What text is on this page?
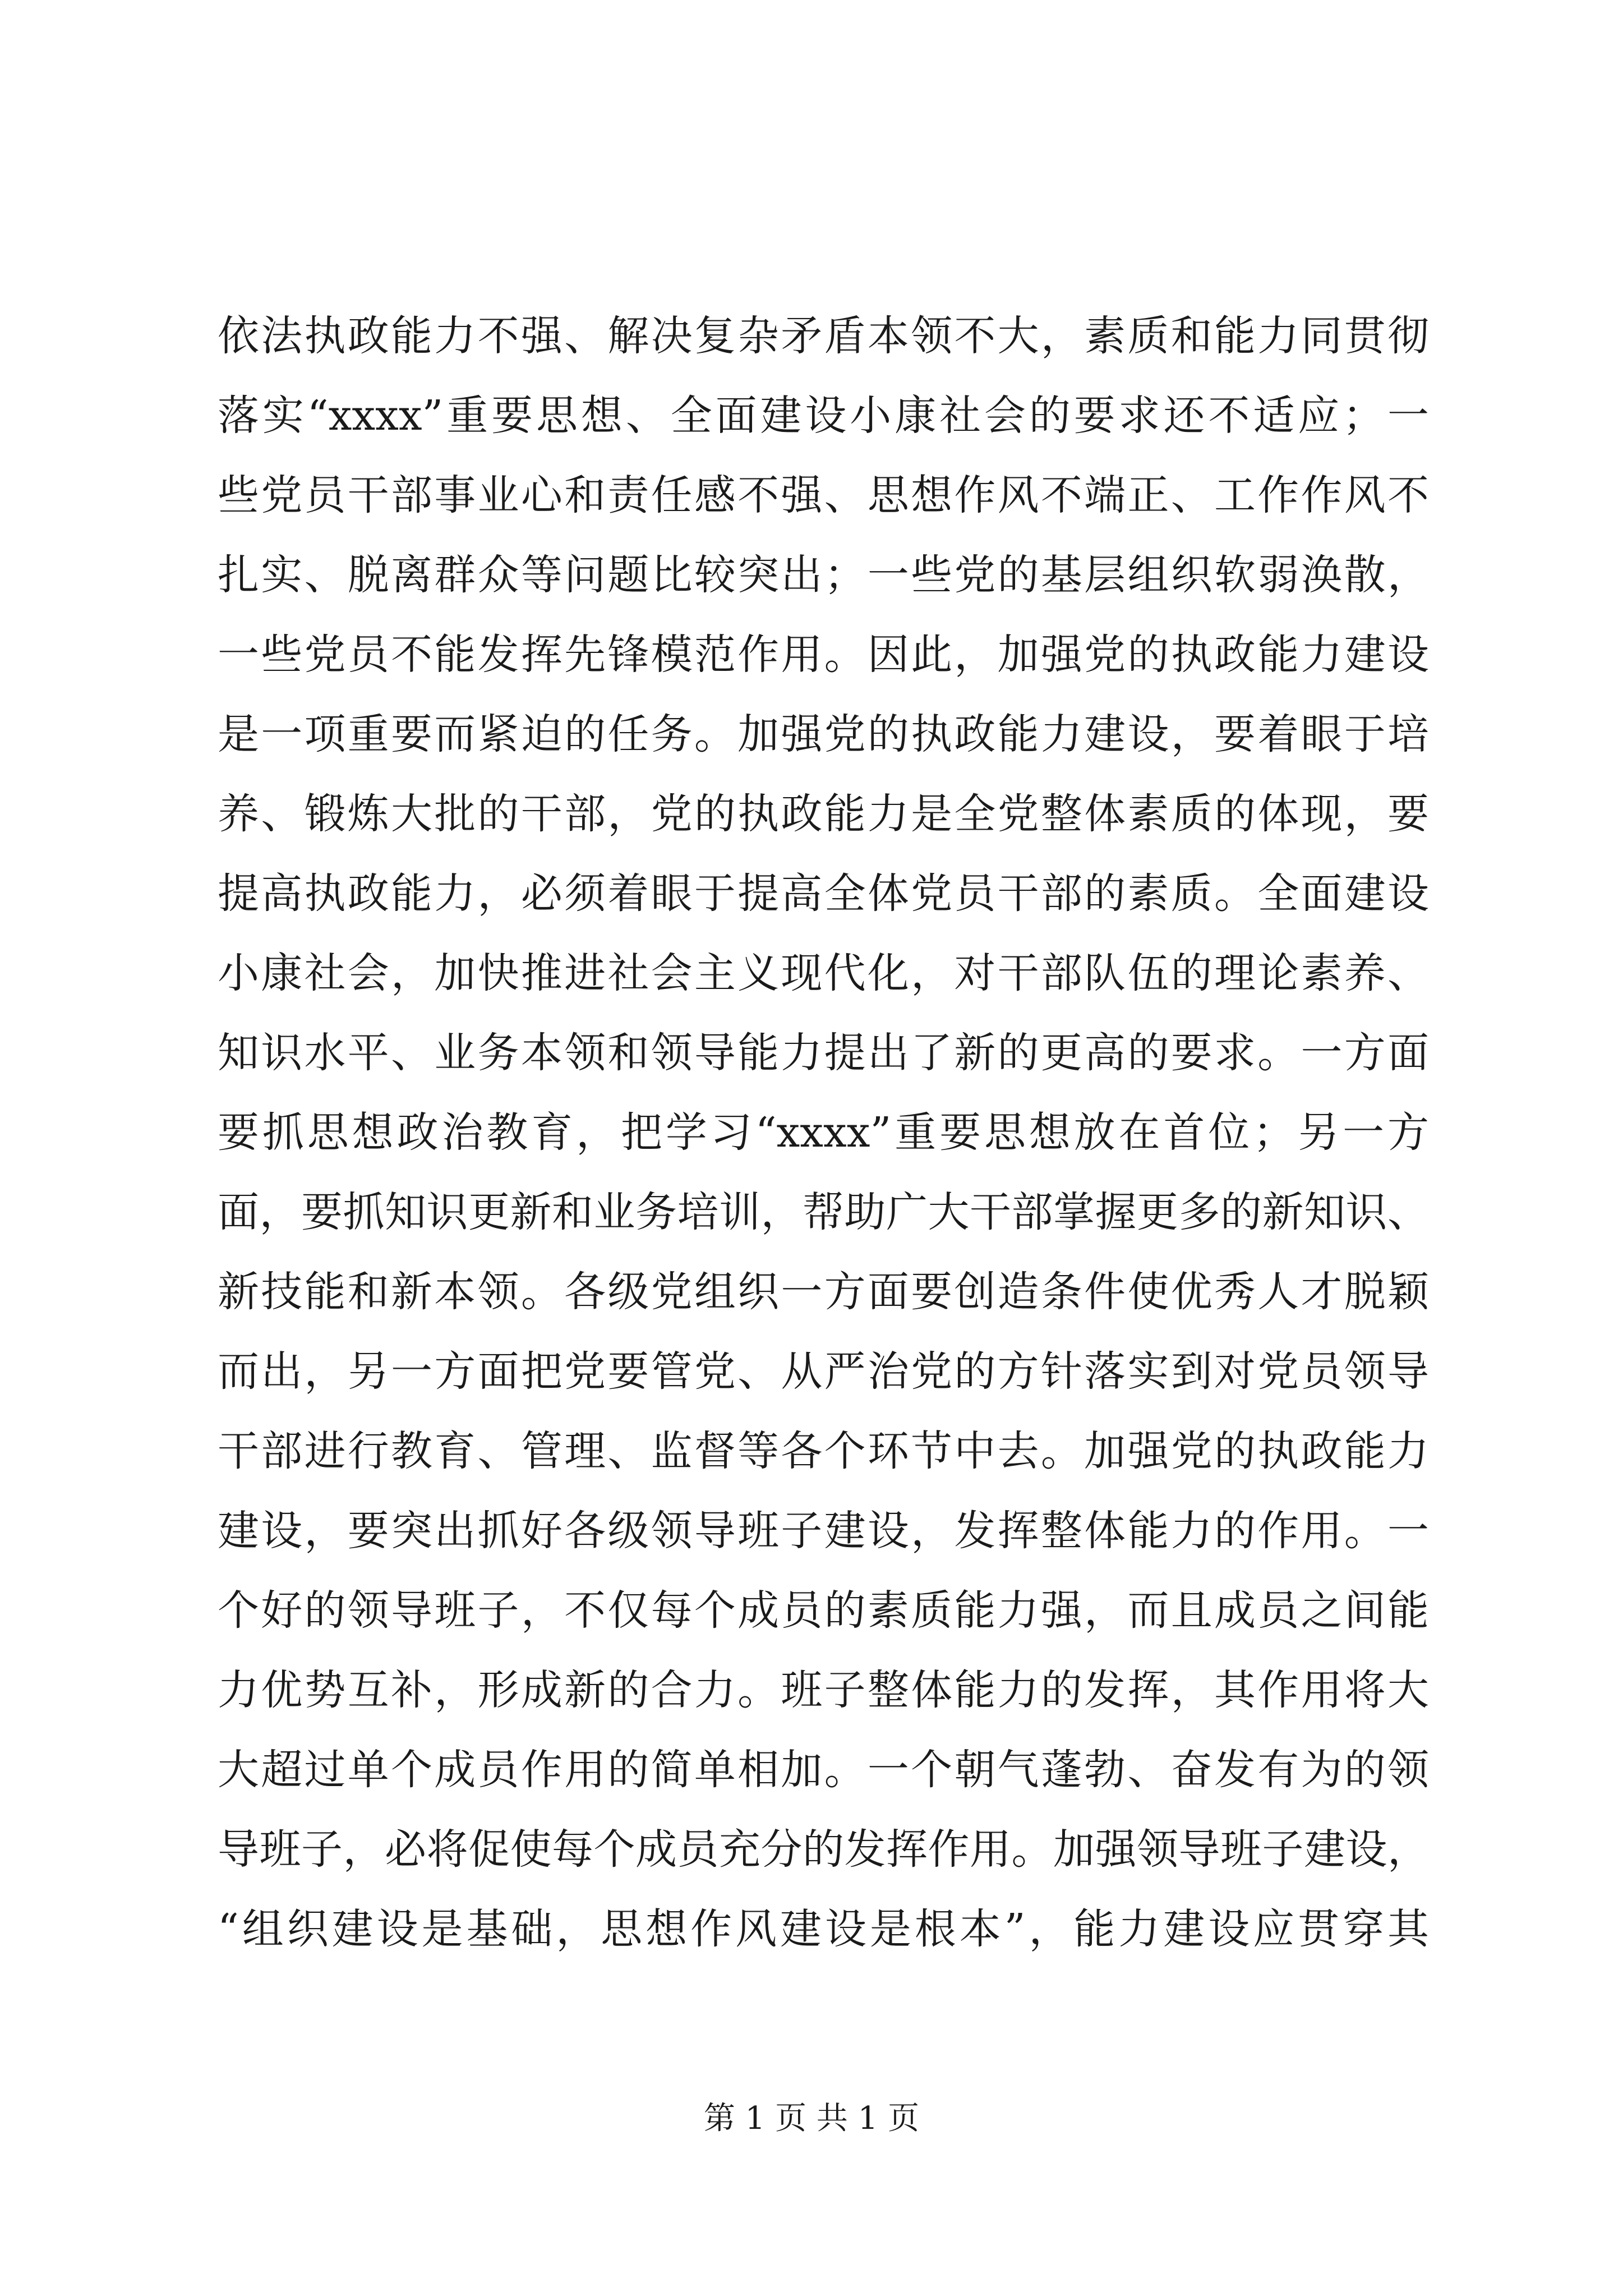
依法执政能力不强、解决复杂矛盾本领不大，素质和能力同贯彻
落实“xxxx”重要思想、全面建设小康社会的要求还不适应；一
些党员干部事业心和责任感不强、思想作风不端正、工作作风不
扎实、脱离群众等问题比较突出；一些党的基层组织软弱涣散，
一些党员不能发挥先锋模范作用。因此，加强党的执政能力建设
是一项重要而紧迫的任务。加强党的执政能力建设，要着眼于培
养、锻炼大批的干部，党的执政能力是全党整体素质的体现，要
提高执政能力，必须着眼于提高全体党员干部的素质。全面建设
小康社会，加快推进社会主义现代化，对干部队伍的理论素养、
知识水平、业务本领和领导能力提出了新的更高的要求。一方面
要抓思想政治教育，把学习“xxxx”重要思想放在首位；另一方
面，要抓知识更新和业务培训，帮助广大干部掌握更多的新知识、
新技能和新本领。各级党组织一方面要创造条件使优秀人才脱颖
而出，另一方面把党要管党、从严治党的方针落实到对党员领导
干部进行教育、管理、监督等各个环节中去。加强党的执政能力
建设，要突出抓好各级领导班子建设，发挥整体能力的作用。一
个好的领导班子，不仅每个成员的素质能力强，而且成员之间能
力优势互补，形成新的合力。班子整体能力的发挥，其作用将大
大超过单个成员作用的简单相加。一个朝气蓬勃、奋发有为的领
导班子，必将促使每个成员充分的发挥作用。加强领导班子建设，
“组织建设是基础，思想作风建设是根本”，能力建设应贯穿其
第 1 页 共 1 页
